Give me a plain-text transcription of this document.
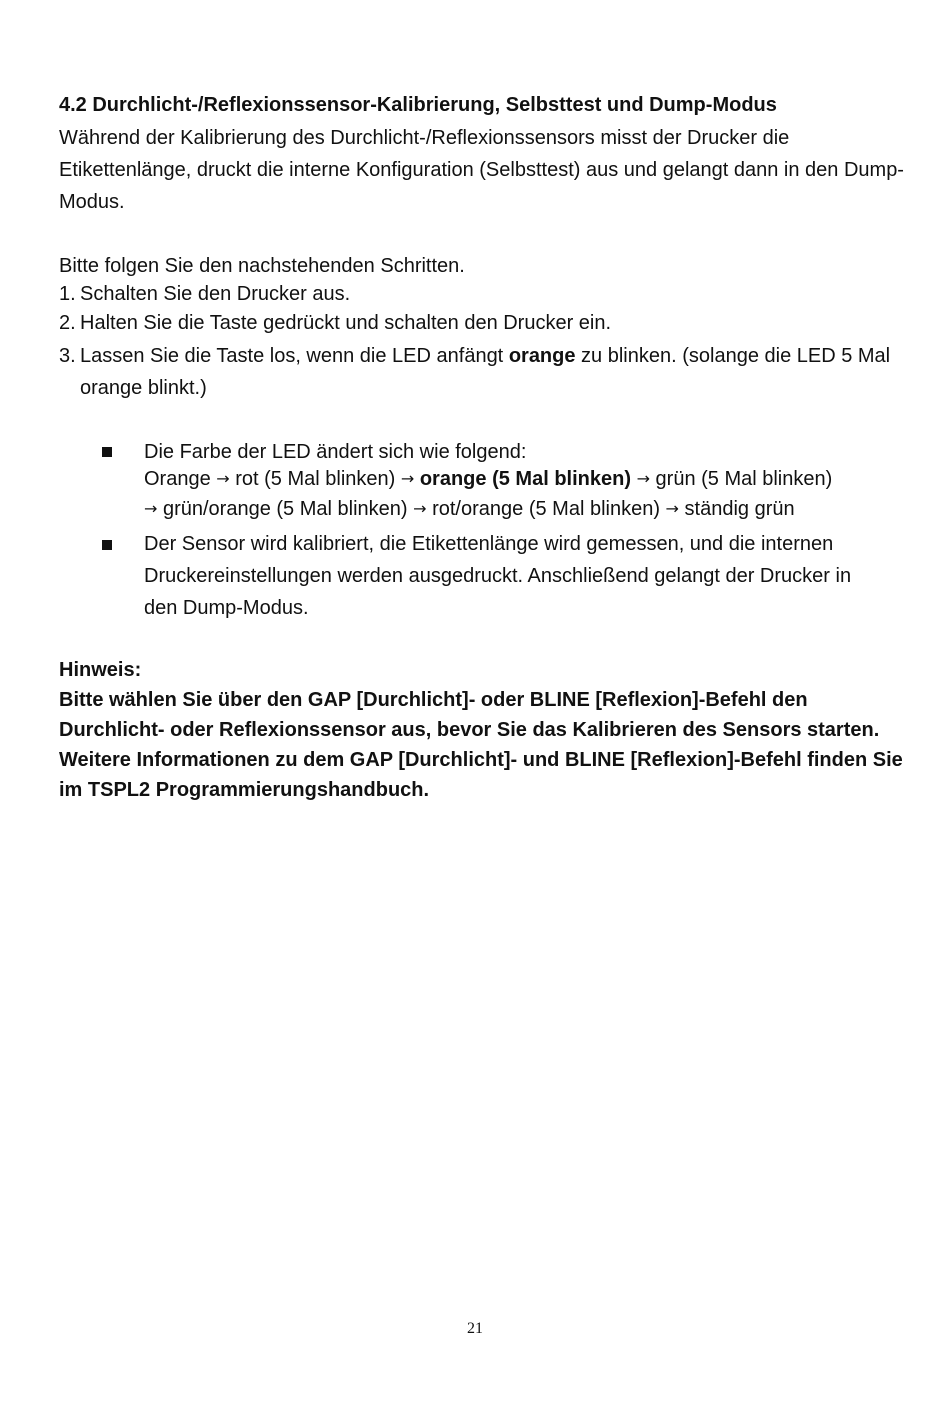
4.2 Durchlicht-/Reflexionssensor-Kalibrierung, Selbsttest und Dump-Modus
Während der Kalibrierung des Durchlicht-/Reflexionssensors misst der Drucker die Etikettenlänge, druckt die interne Konfiguration (Selbsttest) aus und gelangt dann in den Dump-Modus.
Bitte folgen Sie den nachstehenden Schritten.
1. Schalten Sie den Drucker aus.
2. Halten Sie die Taste gedrückt und schalten den Drucker ein.
3. Lassen Sie die Taste los, wenn die LED anfängt orange zu blinken. (solange die LED 5 Mal orange blinkt.)
Die Farbe der LED ändert sich wie folgend:
Orange → rot (5 Mal blinken) → orange (5 Mal blinken) → grün (5 Mal blinken)
→ grün/orange (5 Mal blinken) → rot/orange (5 Mal blinken) → ständig grün
Der Sensor wird kalibriert, die Etikettenlänge wird gemessen, und die internen Druckereinstellungen werden ausgedruckt. Anschließend gelangt der Drucker in den Dump-Modus.
Hinweis:
Bitte wählen Sie über den GAP [Durchlicht]- oder BLINE [Reflexion]-Befehl den Durchlicht- oder Reflexionssensor aus, bevor Sie das Kalibrieren des Sensors starten.
Weitere Informationen zu dem GAP [Durchlicht]- und BLINE [Reflexion]-Befehl finden Sie im TSPL2 Programmierungshandbuch.
21
